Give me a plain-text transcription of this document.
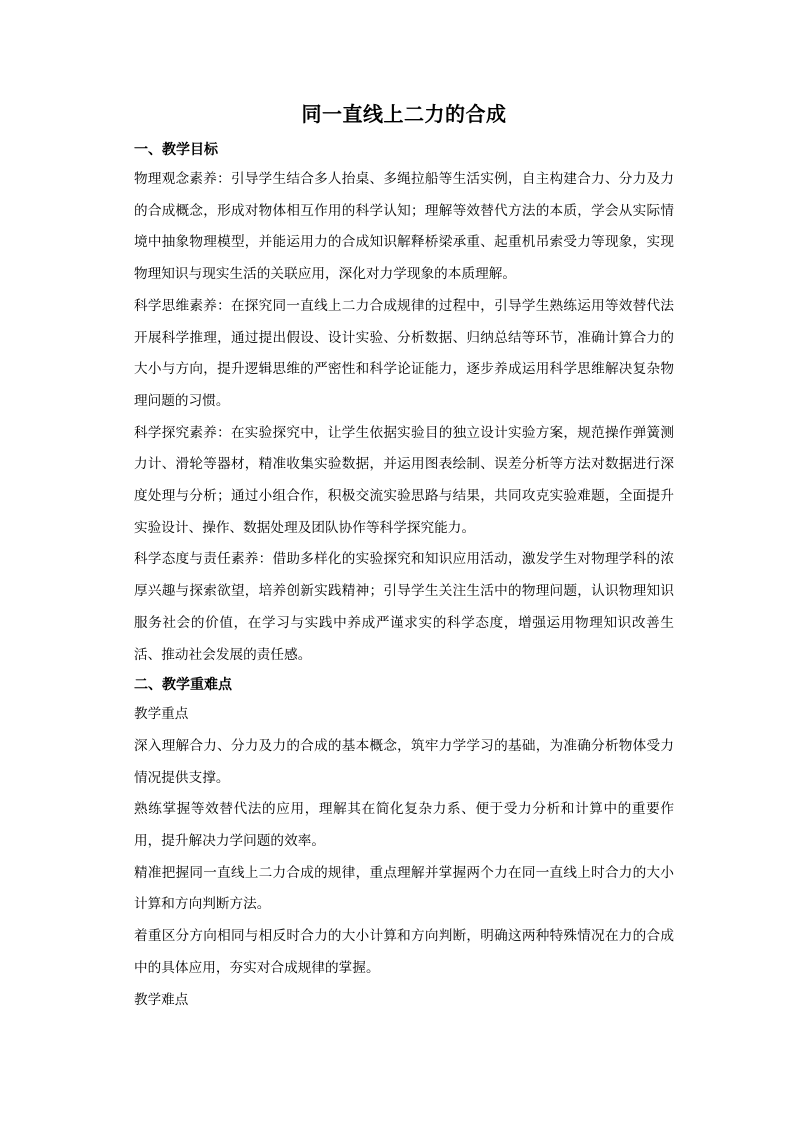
同一直线上二力的合成

一、教学目标

物理观念素养：引导学生结合多人抬桌、多绳拉船等生活实例，自主构建合力、分力及力的合成概念，形成对物体相互作用的科学认知；理解等效替代方法的本质，学会从实际情境中抽象物理模型，并能运用力的合成知识解释桥梁承重、起重机吊索受力等现象，实现物理知识与现实生活的关联应用，深化对力学现象的本质理解。

科学思维素养：在探究同一直线上二力合成规律的过程中，引导学生熟练运用等效替代法开展科学推理，通过提出假设、设计实验、分析数据、归纳总结等环节，准确计算合力的大小与方向，提升逻辑思维的严密性和科学论证能力，逐步养成运用科学思维解决复杂物理问题的习惯。

科学探究素养：在实验探究中，让学生依据实验目的独立设计实验方案，规范操作弹簧测力计、滑轮等器材，精准收集实验数据，并运用图表绘制、误差分析等方法对数据进行深度处理与分析；通过小组合作，积极交流实验思路与结果，共同攻克实验难题，全面提升实验设计、操作、数据处理及团队协作等科学探究能力。

科学态度与责任素养：借助多样化的实验探究和知识应用活动，激发学生对物理学科的浓厚兴趣与探索欲望，培养创新实践精神；引导学生关注生活中的物理问题，认识物理知识服务社会的价值，在学习与实践中养成严谨求实的科学态度，增强运用物理知识改善生活、推动社会发展的责任感。

二、教学重难点

教学重点

深入理解合力、分力及力的合成的基本概念，筑牢力学学习的基础，为准确分析物体受力情况提供支撑。

熟练掌握等效替代法的应用，理解其在简化复杂力系、便于受力分析和计算中的重要作用，提升解决力学问题的效率。

精准把握同一直线上二力合成的规律，重点理解并掌握两个力在同一直线上时合力的大小计算和方向判断方法。

着重区分方向相同与相反时合力的大小计算和方向判断，明确这两种特殊情况在力的合成中的具体应用，夯实对合成规律的掌握。

教学难点
